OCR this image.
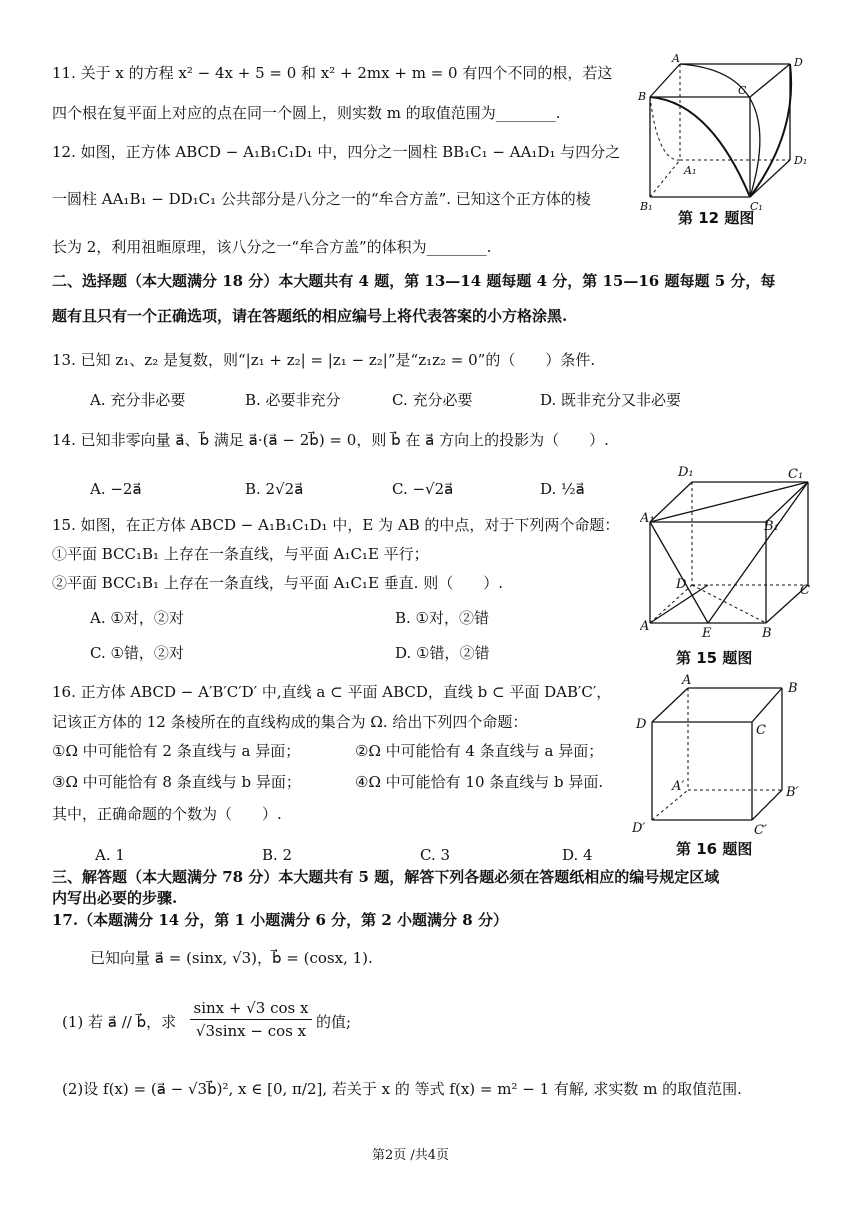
11. 关于 x 的方程 x² − 4x + 5 = 0 和 x² + 2mx + m = 0 有四个不同的根，若这
四个根在复平面上对应的点在同一个圆上，则实数 m 的取值范围为________.
12. 如图，正方体 ABCD − A₁B₁C₁D₁ 中，四分之一圆柱 BB₁C₁ − AA₁D₁ 与四分之
一圆柱 AA₁B₁ − DD₁C₁ 公共部分是八分之一的“牟合方盖”. 已知这个正方体的棱
长为 2，利用祖暅原理，该八分之一“牟合方盖”的体积为________.
A	D
B	C
A₁
D₁
B₁	C₁
第 12 题图
二、选择题（本大题满分 18 分）本大题共有 4 题，第 13—14 题每题 4 分，第 15—16 题每题 5 分，每
题有且只有一个正确选项，请在答题纸的相应编号上将代表答案的小方格涂黑.
13. 已知 z₁、z₂ 是复数，则“|z₁ + z₂| = |z₁ − z₂|”是“z₁z₂ = 0”的（　　）条件.
A. 充分非必要	B. 必要非充分	C. 充分必要	D. 既非充分又非必要
14. 已知非零向量 a⃗、b⃗ 满足 a⃗·(a⃗ − 2b⃗) = 0，则 b⃗ 在 a⃗ 方向上的投影为（　　）.
A. −2a⃗	B. 2√2a⃗	C. −√2a⃗	D. ½a⃗
15. 如图，在正方体 ABCD − A₁B₁C₁D₁ 中，E 为 AB 的中点，对于下列两个命题：
①平面 BCC₁B₁ 上存在一条直线，与平面 A₁C₁E 平行；
②平面 BCC₁B₁ 上存在一条直线，与平面 A₁C₁E 垂直. 则（　　）.
A. ①对，②对	B. ①对，②错
C. ①错，②对	D. ①错，②错
D₁	C₁
A₁
B₁
D	C
A	E	B
第 15 题图
16. 正方体 ABCD − A′B′C′D′ 中,直线 a ⊂ 平面 ABCD，直线 b ⊂ 平面 DAB′C′，
记该正方体的 12 条棱所在的直线构成的集合为 Ω. 给出下列四个命题：
①Ω 中可能恰有 2 条直线与 a 异面；	②Ω 中可能恰有 4 条直线与 a 异面；
③Ω 中可能恰有 8 条直线与 b 异面；	④Ω 中可能恰有 10 条直线与 b 异面.
其中，正确命题的个数为（　　）.
A. 1	B. 2	C. 3	D. 4
A
B
D	C
A′	B′
D′	C′
第 16 题图
三、解答题（本大题满分 78 分）本大题共有 5 题，解答下列各题必须在答题纸相应的编号规定区域
内写出必要的步骤.
17.（本题满分 14 分，第 1 小题满分 6 分，第 2 小题满分 8 分）
已知向量 a⃗ = (sinx, √3)，b⃗ = (cosx, 1).
(1) 若 a⃗ // b⃗，求
sinx + √3 cos x
√3sinx − cos x 的值;
(2)设 f(x) = (a⃗ − √3b⃗)², x ∈ [0, π/2], 若关于 x 的 等式 f(x) = m² − 1 有解, 求实数 m 的取值范围.
第2页 /共4页
